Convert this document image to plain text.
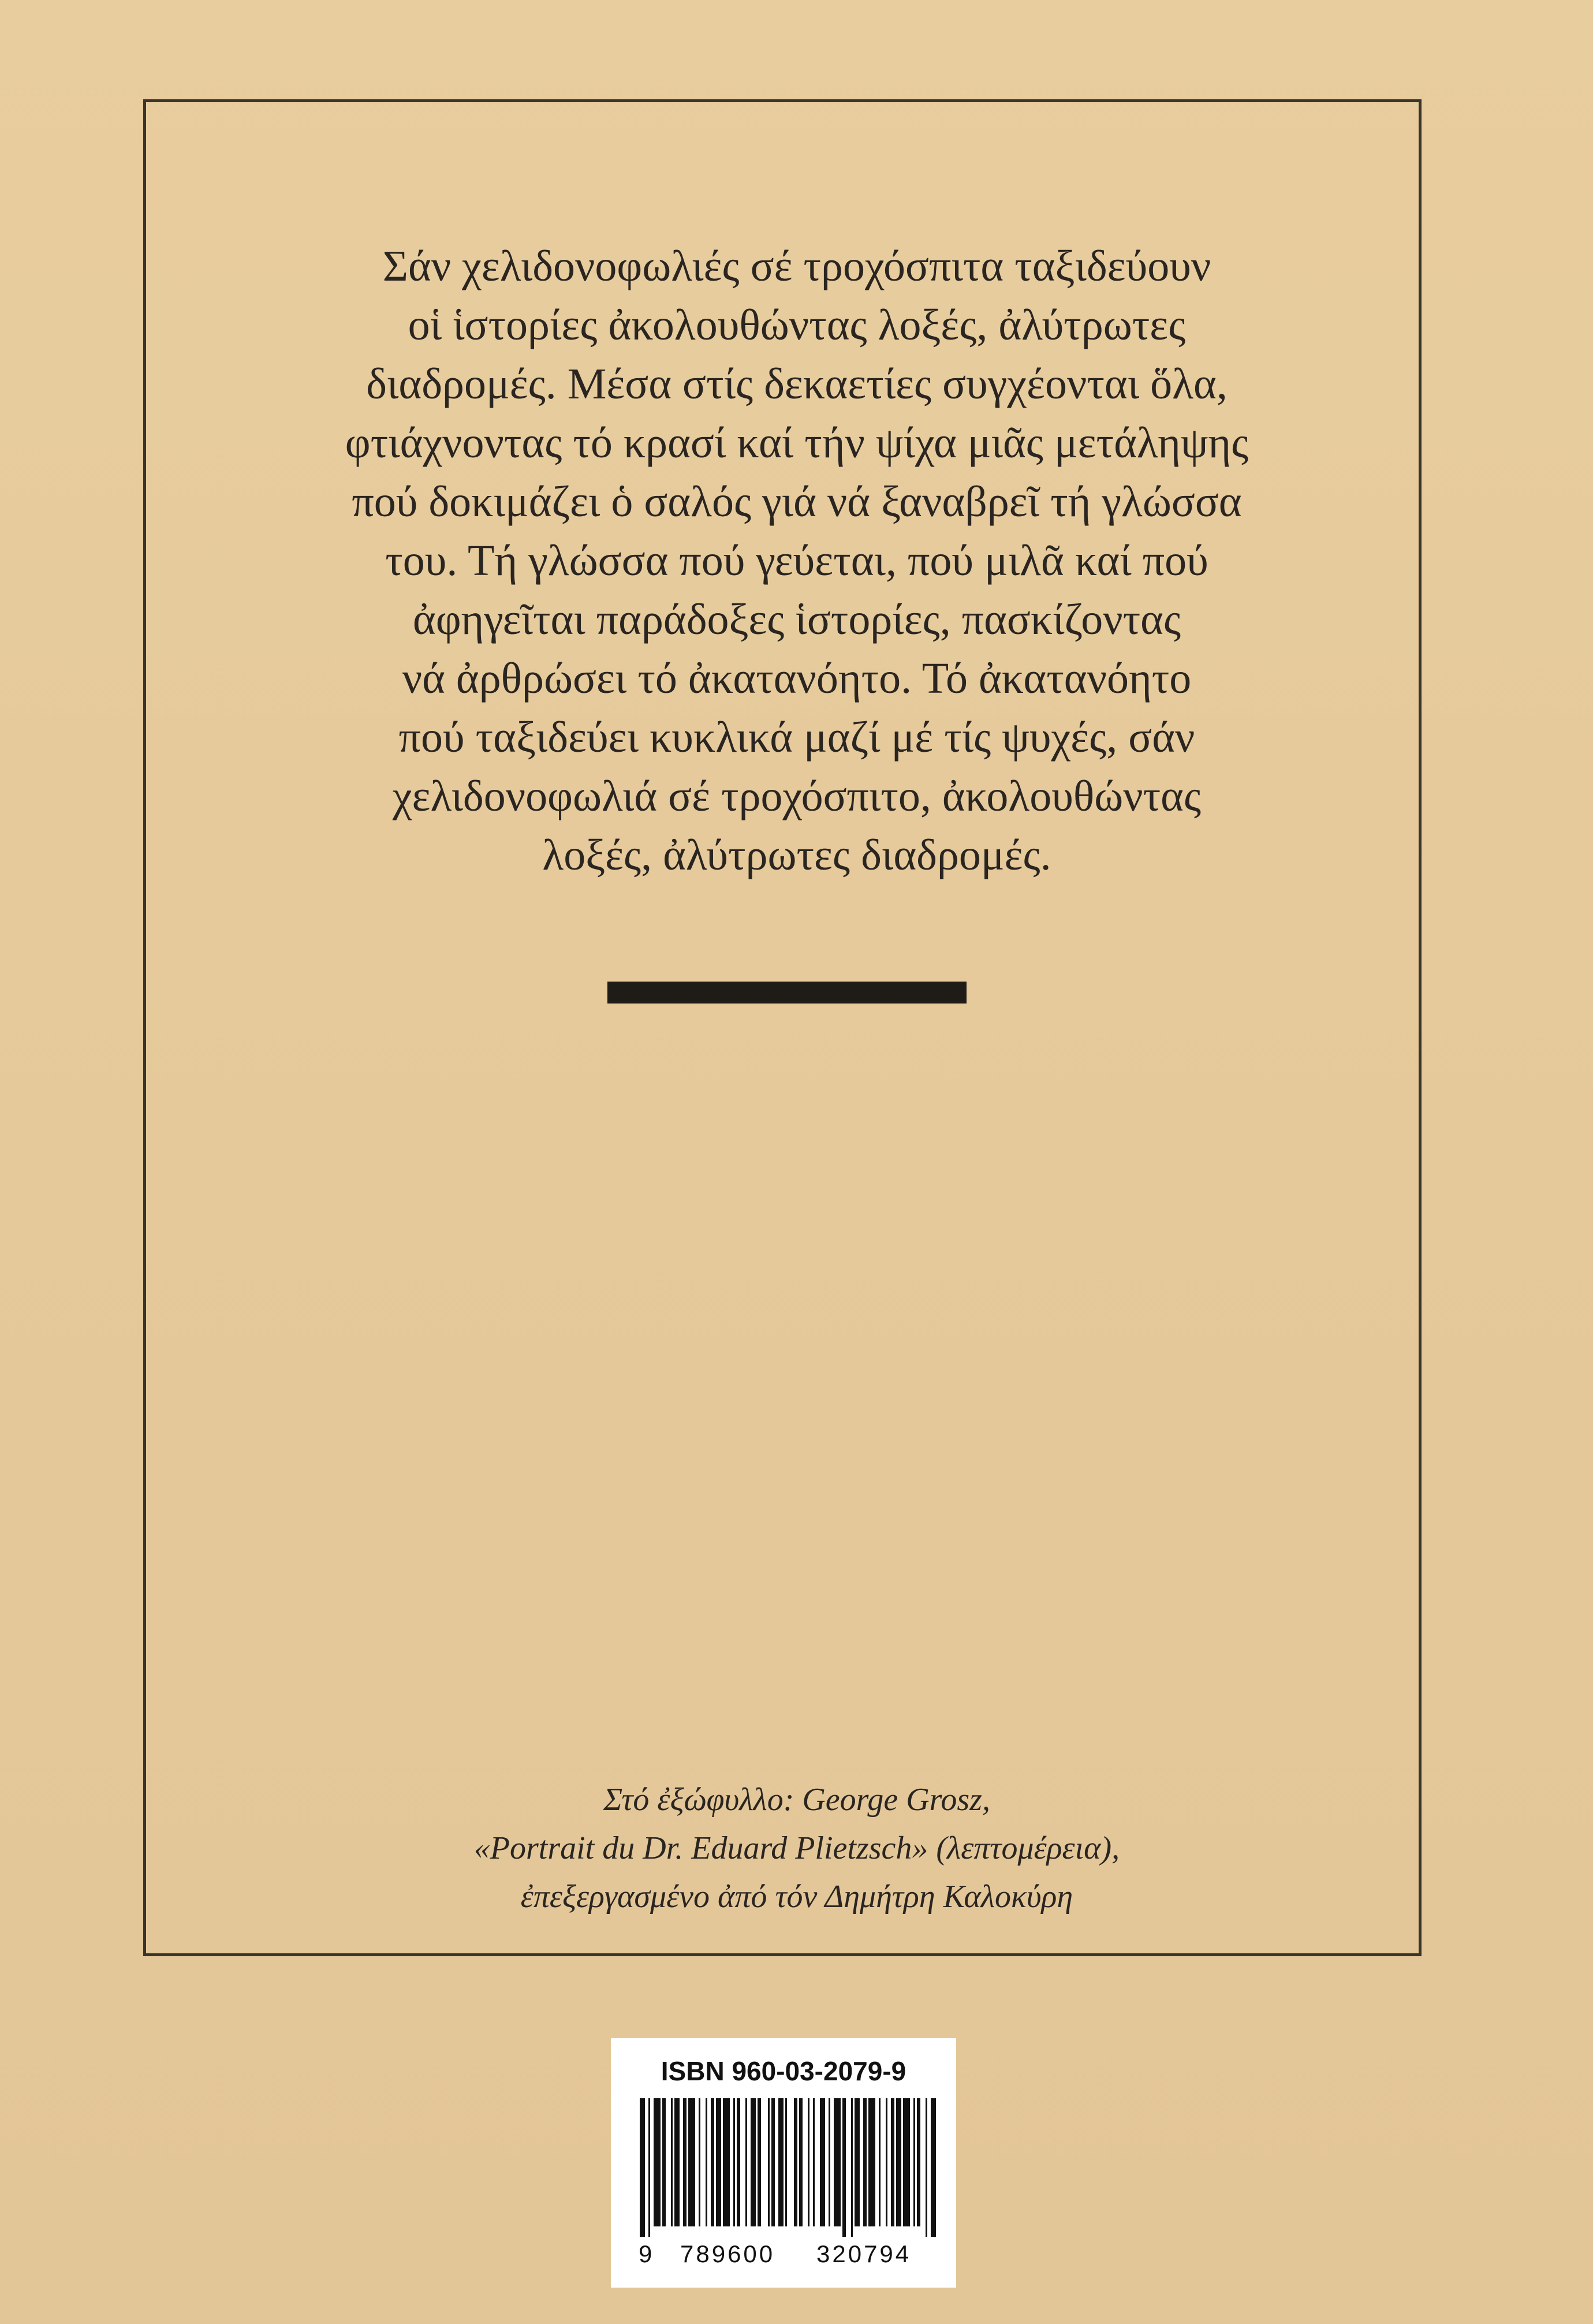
Σάν χελιδονοφωλιές σέ τροχόσπιτα ταξιδεύουν
οἱ ἱστορίες ἀκολουθώντας λοξές, ἀλύτρωτες
διαδρομές. Μέσα στίς δεκαετίες συγχέονται ὅλα,
φτιάχνοντας τό κρασί καί τήν ψίχα μιᾶς μετάληψης
πού δοκιμάζει ὁ σαλός γιά νά ξαναβρεῖ τή γλώσσα
του. Τή γλώσσα πού γεύεται, πού μιλᾶ καί πού
ἀφηγεῖται παράδοξες ἱστορίες, πασκίζοντας
νά ἀρθρώσει τό ἀκατανόητο. Τό ἀκατανόητο
πού ταξιδεύει κυκλικά μαζί μέ τίς ψυχές, σάν
χελιδονοφωλιά σέ τροχόσπιτο, ἀκολουθώντας
λοξές, ἀλύτρωτες διαδρομές.

Στό ἐξώφυλλο: George Grosz,
«Portrait du Dr. Eduard Plietzsch» (λεπτομέρεια),
ἐπεξεργασμένο ἀπό τόν Δημήτρη Καλοκύρη

ISBN 960-03-2079-9
9 789600 320794
